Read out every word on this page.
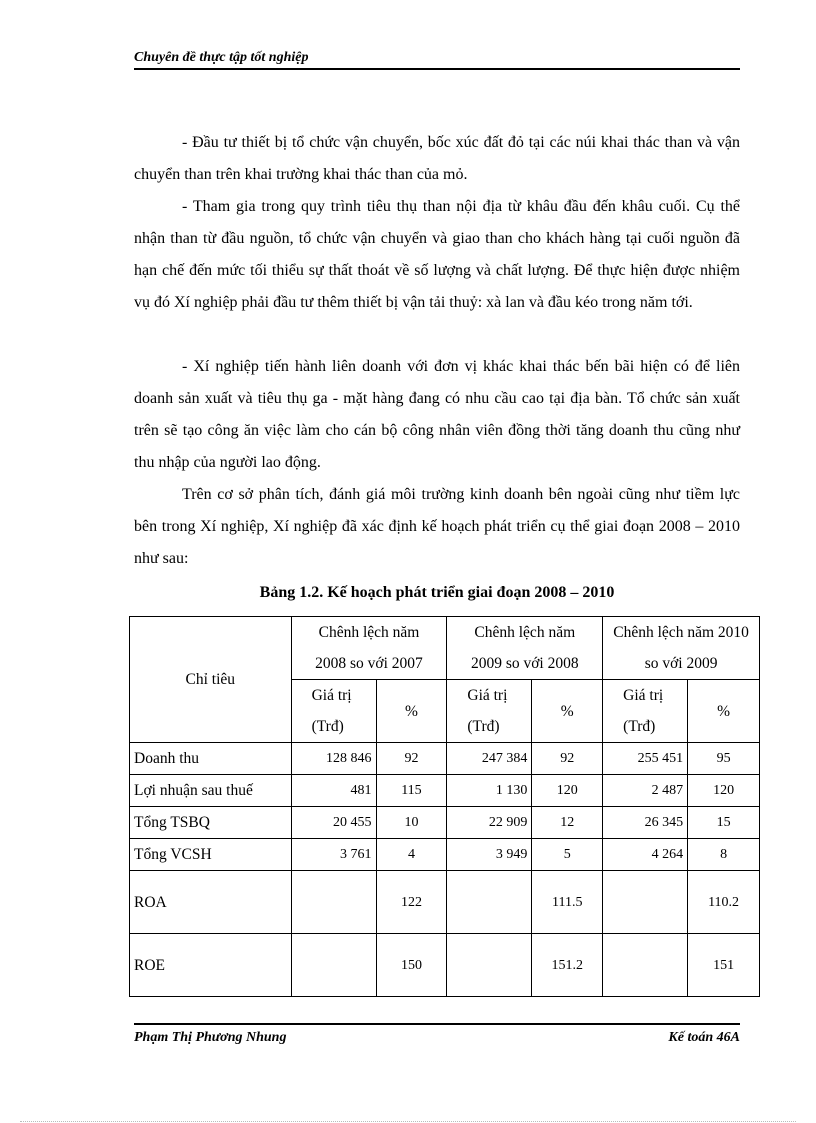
Chuyên đề thực tập tốt nghiệp

- Đầu tư thiết bị tổ chức vận chuyển, bốc xúc đất đỏ tại các núi khai thác than và vận chuyển than trên khai trường khai thác than của mỏ.

- Tham gia trong quy trình tiêu thụ than nội địa từ khâu đầu đến khâu cuối. Cụ thể nhận than từ đầu nguồn, tổ chức vận chuyển và giao than cho khách hàng tại cuối nguồn đã hạn chế đến mức tối thiểu sự thất thoát về số lượng và chất lượng. Để thực hiện được nhiệm vụ đó Xí nghiệp phải đầu tư thêm thiết bị vận tải thuỷ: xà lan và đầu kéo trong năm tới.

- Xí nghiệp tiến hành liên doanh với đơn vị khác khai thác bến bãi hiện có để liên doanh sản xuất và tiêu thụ ga - mặt hàng đang có nhu cầu cao tại địa bàn. Tổ chức sản xuất trên sẽ tạo công ăn việc làm cho cán bộ công nhân viên đồng thời tăng doanh thu cũng như thu nhập của người lao động.

Trên cơ sở phân tích, đánh giá môi trường kinh doanh bên ngoài cũng như tiềm lực bên trong Xí nghiệp, Xí nghiệp đã xác định kế hoạch phát triển cụ thể giai đoạn 2008 – 2010 như sau:

Bảng 1.2. Kế hoạch phát triển giai đoạn 2008 – 2010
Chỉ tiêu	Chênh lệch năm 2008 so với 2007		Chênh lệch năm 2009 so với 2008		Chênh lệch năm 2010 so với 2009	
	Giá trị (Trđ)	%	Giá trị (Trđ)	%	Giá trị (Trđ)	%
Doanh thu	128 846	92	247 384	92	255 451	95
Lợi nhuận sau thuế	481	115	1 130	120	2 487	120
Tổng TSBQ	20 455	10	22 909	12	26 345	15
Tổng VCSH	3 761	4	3 949	5	4 264	8
ROA		122		111.5		110.2
ROE		150		151.2		151
Phạm Thị Phương Nhung	Kế toán 46A
